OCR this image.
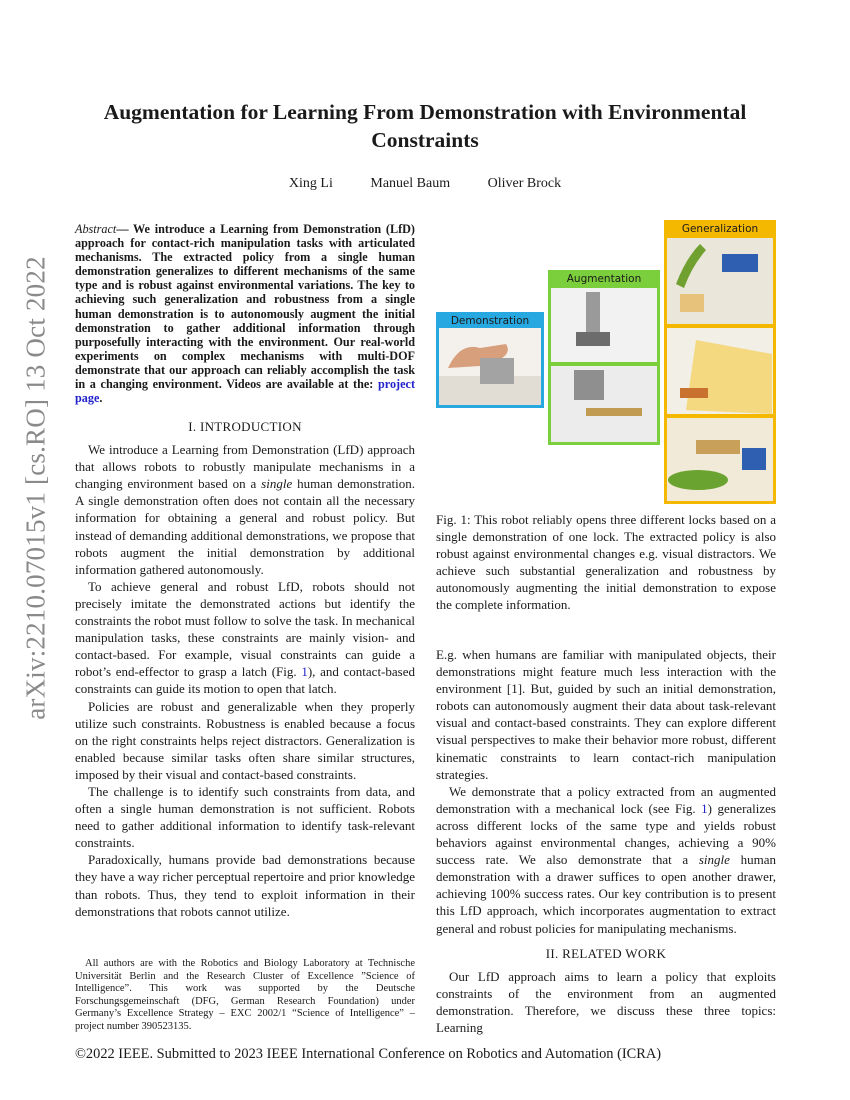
Augmentation for Learning From Demonstration with Environmental
Constraints
Xing Li	Manuel Baum	Oliver Brock
arXiv:2210.07015v1 [cs.RO] 13 Oct 2022
Abstract— We introduce a Learning from Demonstration (LfD) approach for contact-rich manipulation tasks with articulated mechanisms. The extracted policy from a single human demonstration generalizes to different mechanisms of the same type and is robust against environmental variations. The key to achieving such generalization and robustness from a single human demonstration is to autonomously augment the initial demonstration to gather additional information through purposefully interacting with the environment. Our real-world experiments on complex mechanisms with multi-DOF demonstrate that our approach can reliably accomplish the task in a changing environment. Videos are available at the: project page.
I. INTRODUCTION

We introduce a Learning from Demonstration (LfD) approach that allows robots to robustly manipulate mechanisms in a changing environment based on a single human demonstration. A single demonstration often does not contain all the necessary information for obtaining a general and robust policy. But instead of demanding additional demonstrations, we propose that robots augment the initial demonstration by additional information gathered autonomously.

To achieve general and robust LfD, robots should not precisely imitate the demonstrated actions but identify the constraints the robot must follow to solve the task. In mechanical manipulation tasks, these constraints are mainly vision- and contact-based. For example, visual constraints can guide a robot’s end-effector to grasp a latch (Fig. 1), and contact-based constraints can guide its motion to open that latch.

Policies are robust and generalizable when they properly utilize such constraints. Robustness is enabled because a focus on the right constraints helps reject distractors. Generalization is enabled because similar tasks often share similar structures, imposed by their visual and contact-based constraints.

The challenge is to identify such constraints from data, and often a single human demonstration is not sufficient. Robots need to gather additional information to identify task-relevant constraints.

Paradoxically, humans provide bad demonstrations because they have a way richer perceptual repertoire and prior knowledge than robots. Thus, they tend to exploit information in their demonstrations that robots cannot utilize.

All authors are with the Robotics and Biology Laboratory at Technische Universität Berlin and the Research Cluster of Excellence ”Science of Intelligence”. This work was supported by the Deutsche Forschungsgemeinschaft (DFG, German Research Foundation) under Germany’s Excellence Strategy – EXC 2002/1 “Science of Intelligence” – project number 390523135.
Demonstration
Augmentation
Generalization
Fig. 1: This robot reliably opens three different locks based on a single demonstration of one lock. The extracted policy is also robust against environmental changes e.g. visual distractors. We achieve such substantial generalization and robustness by autonomously augmenting the initial demonstration to expose the complete information.

E.g. when humans are familiar with manipulated objects, their demonstrations might feature much less interaction with the environment [1]. But, guided by such an initial demonstration, robots can autonomously augment their data about task-relevant visual and contact-based constraints. They can explore different visual perspectives to make their behavior more robust, different kinematic constraints to learn contact-rich manipulation strategies.

We demonstrate that a policy extracted from an augmented demonstration with a mechanical lock (see Fig. 1) generalizes across different locks of the same type and yields robust behaviors against environmental changes, achieving a 90% success rate. We also demonstrate that a single human demonstration with a drawer suffices to open another drawer, achieving 100% success rates. Our key contribution is to present this LfD approach, which incorporates augmentation to extract general and robust policies for manipulating mechanisms.

II. RELATED WORK

Our LfD approach aims to learn a policy that exploits constraints of the environment from an augmented demonstration. Therefore, we discuss these three topics: Learning

©2022 IEEE. Submitted to 2023 IEEE International Conference on Robotics and Automation (ICRA)
